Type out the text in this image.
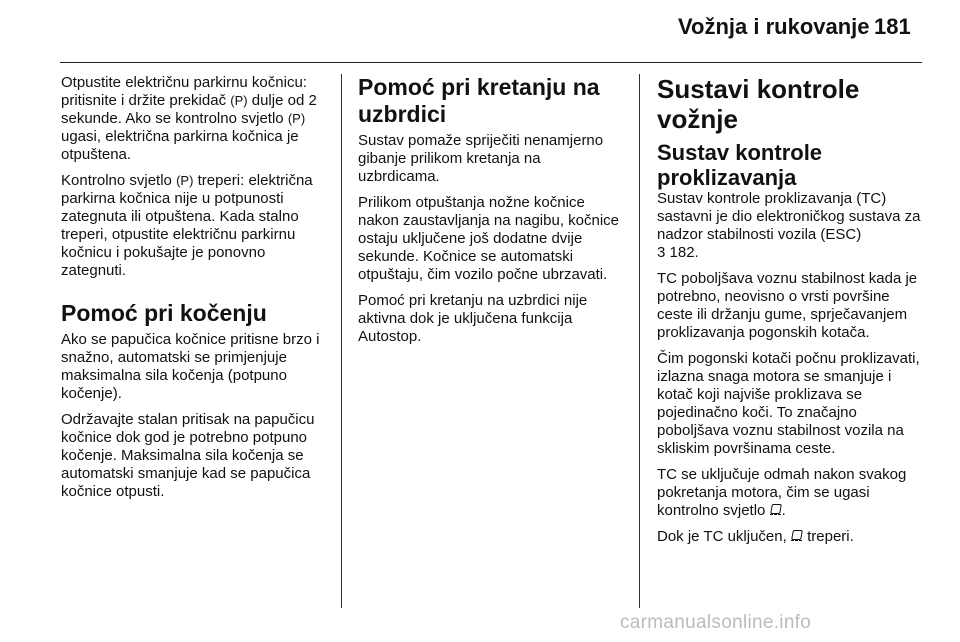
Vožnja i rukovanje 181

Otpustite električnu parkirnu kočnicu: pritisnite i držite prekidač (P) dulje od 2 sekunde. Ako se kontrolno svjetlo (P) ugasi, električna parkirna kočnica je otpuštena.

Kontrolno svjetlo (P) treperi: električna parkirna kočnica nije u potpunosti zategnuta ili otpuštena. Kada stalno treperi, otpustite električnu parkirnu kočnicu i pokušajte je ponovno zategnuti.

Pomoć pri kočenju

Ako se papučica kočnice pritisne brzo i snažno, automatski se primjenjuje maksimalna sila kočenja (potpuno kočenje).

Održavajte stalan pritisak na papučicu kočnice dok god je potrebno potpuno kočenje. Maksimalna sila kočenja se automatski smanjuje kad se papučica kočnice otpusti.

Pomoć pri kretanju na uzbrdici

Sustav pomaže spriječiti nenamjerno gibanje prilikom kretanja na uzbrdicama.

Prilikom otpuštanja nožne kočnice nakon zaustavljanja na nagibu, kočnice ostaju uključene još dodatne dvije sekunde. Kočnice se automatski otpuštaju, čim vozilo počne ubrzavati.

Pomoć pri kretanju na uzbrdici nije aktivna dok je uključena funkcija Autostop.

Sustavi kontrole vožnje
Sustav kontrole proklizavanja

Sustav kontrole proklizavanja (TC) sastavni je dio elektroničkog sustava za nadzor stabilnosti vozila (ESC)
3 182.

TC poboljšava voznu stabilnost kada je potrebno, neovisno o vrsti površine ceste ili držanju gume, sprječavanjem proklizavanja pogonskih kotača.

Čim pogonski kotači počnu proklizavati, izlazna snaga motora se smanjuje i kotač koji najviše proklizava se pojedinačno koči. To značajno poboljšava voznu stabilnost vozila na skliskim površinama ceste.

TC se uključuje odmah nakon svakog pokretanja motora, čim se ugasi kontrolno svjetlo .

Dok je TC uključen,  treperi.

carmanualsonline.info
